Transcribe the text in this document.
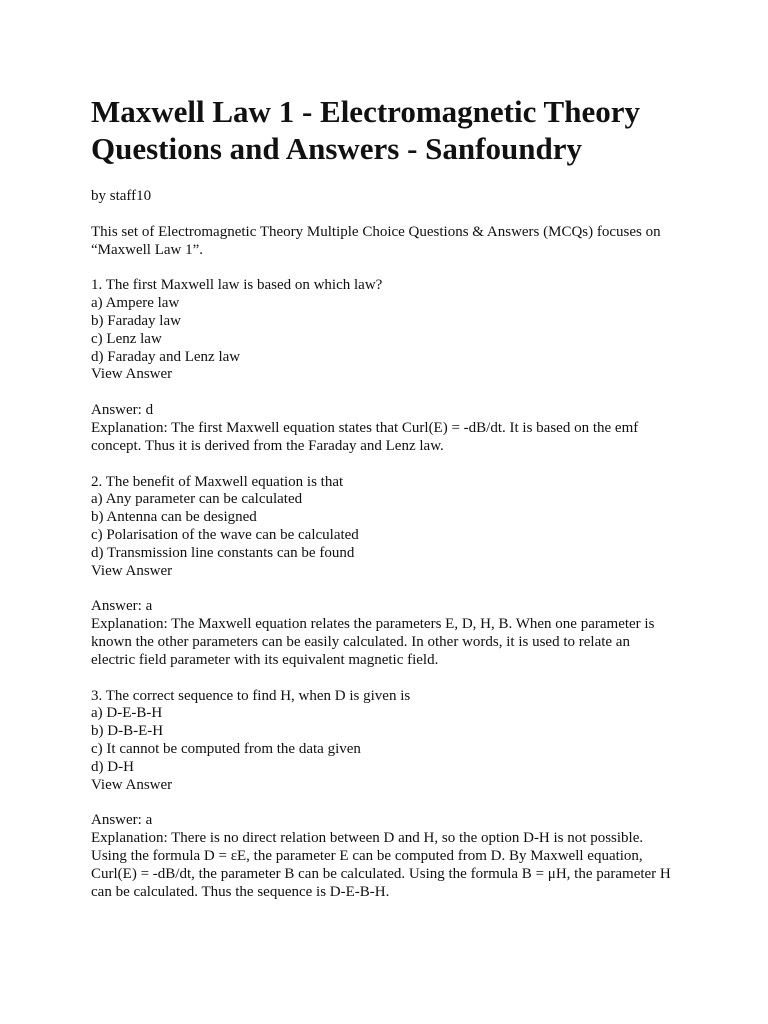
Maxwell Law 1 - Electromagnetic Theory
Questions and Answers - Sanfoundry
by staff10
This set of Electromagnetic Theory Multiple Choice Questions & Answers (MCQs) focuses on
“Maxwell Law 1”.
1. The first Maxwell law is based on which law?
a) Ampere law
b) Faraday law
c) Lenz law
d) Faraday and Lenz law
View Answer
Answer: d
Explanation: The first Maxwell equation states that Curl(E) = -dB/dt. It is based on the emf
concept. Thus it is derived from the Faraday and Lenz law.
2. The benefit of Maxwell equation is that
a) Any parameter can be calculated
b) Antenna can be designed
c) Polarisation of the wave can be calculated
d) Transmission line constants can be found
View Answer
Answer: a
Explanation: The Maxwell equation relates the parameters E, D, H, B. When one parameter is
known the other parameters can be easily calculated. In other words, it is used to relate an
electric field parameter with its equivalent magnetic field.
3. The correct sequence to find H, when D is given is
a) D-E-B-H
b) D-B-E-H
c) It cannot be computed from the data given
d) D-H
View Answer
Answer: a
Explanation: There is no direct relation between D and H, so the option D-H is not possible.
Using the formula D = εE, the parameter E can be computed from D. By Maxwell equation,
Curl(E) = -dB/dt, the parameter B can be calculated. Using the formula B = μH, the parameter H
can be calculated. Thus the sequence is D-E-B-H.
